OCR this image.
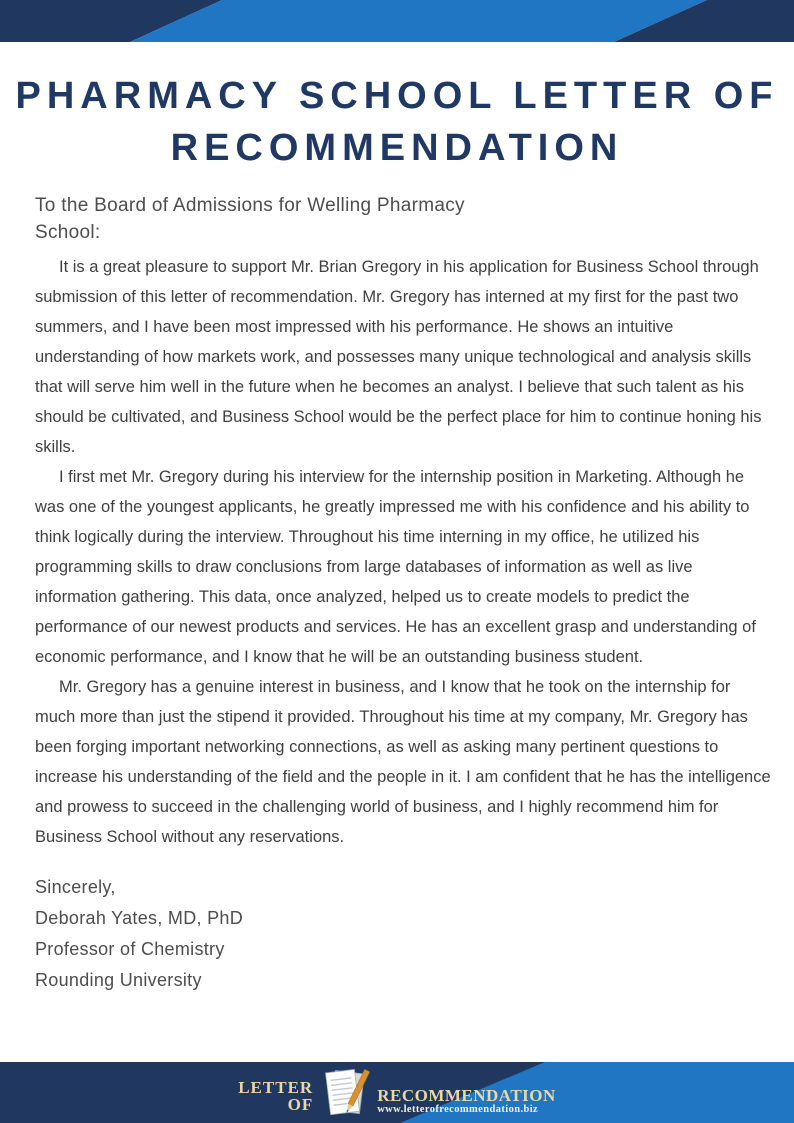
PHARMACY SCHOOL LETTER OF
RECOMMENDATION

To the Board of Admissions for Welling Pharmacy School:

It is a great pleasure to support Mr. Brian Gregory in his application for Business School through submission of this letter of recommendation. Mr. Gregory has interned at my first for the past two summers, and I have been most impressed with his performance. He shows an intuitive understanding of how markets work, and possesses many unique technological and analysis skills that will serve him well in the future when he becomes an analyst. I believe that such talent as his should be cultivated, and Business School would be the perfect place for him to continue honing his skills.

I first met Mr. Gregory during his interview for the internship position in Marketing. Although he was one of the youngest applicants, he greatly impressed me with his confidence and his ability to think logically during the interview. Throughout his time interning in my office, he utilized his programming skills to draw conclusions from large databases of information as well as live information gathering. This data, once analyzed, helped us to create models to predict the performance of our newest products and services. He has an excellent grasp and understanding of economic performance, and I know that he will be an outstanding business student.

Mr. Gregory has a genuine interest in business, and I know that he took on the internship for much more than just the stipend it provided. Throughout his time at my company, Mr. Gregory has been forging important networking connections, as well as asking many pertinent questions to increase his understanding of the field and the people in it. I am confident that he has the intelligence and prowess to succeed in the challenging world of business, and I highly recommend him for Business School without any reservations.

Sincerely,

Deborah Yates, MD, PhD

Professor of Chemistry

Rounding University

LETTER
OF	RECOMMENDATION
www.letterofrecommendation.biz
